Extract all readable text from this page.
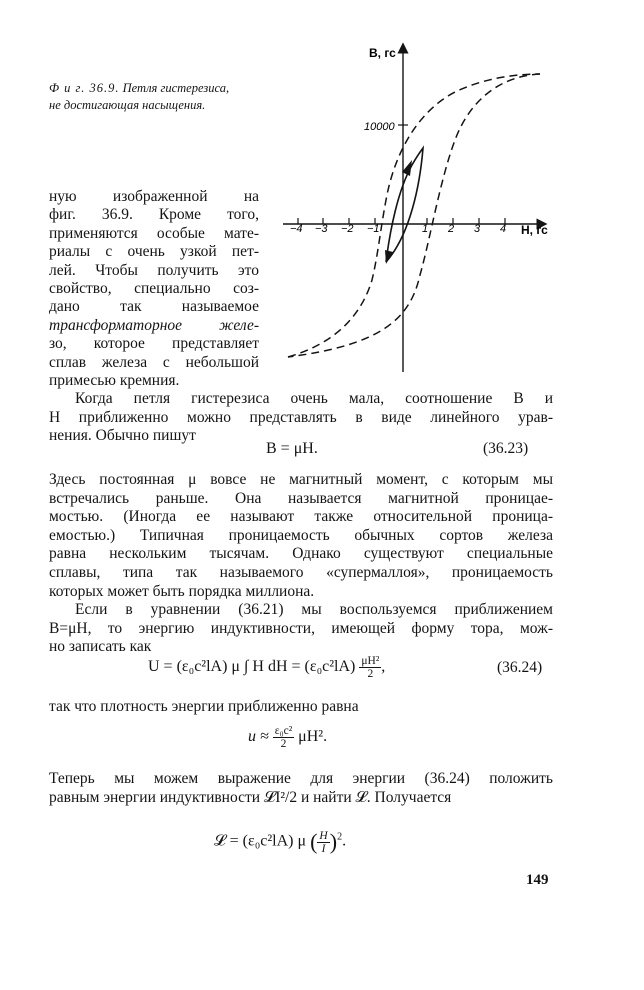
Ф и г. 36.9. Петля гистерезиса,
не достигающая насыщения.
B, гс
H, гс
10000
−4 −3 −2 −1	1 2 3 4
ную изображенной на
фиг. 36.9. Кроме того,
применяются особые мате-
риалы с очень узкой пет-
лей. Чтобы получить это
свойство, специально соз-
дано так называемое
трансформаторное желе-
зо, которое представляет
сплав железа с небольшой
примесью кремния.
Когда петля гистерезиса очень мала, соотношение B и
H приближенно можно представлять в виде линейного урав-
нения. Обычно пишут
B = μH.	(36.23)
Здесь постоянная μ вовсе не магнитный момент, с которым мы
встречались раньше. Она называется магнитной проницае-
мостью. (Иногда ее называют также относительной проница-
емостью.) Типичная проницаемость обычных сортов железа
равна нескольким тысячам. Однако существуют специальные
сплавы, типа так называемого «супермаллоя», проницаемость
которых может быть порядка миллиона.
Если в уравнении (36.21) мы воспользуемся приближением
B=μH, то энергию индуктивности, имеющей форму тора, мож-
но записать как
U = (ε₀c²lA) μ ∫ H dH = $(\varepsilon_0c^2lA) \frac{\text{μH²}}{2}$ ,	(36.24)
так что плотность энергии приближенно равна
$u \approx \frac{\text{ε₀c²}}{2} \mu H^2$.
Теперь мы можем выражение для энергии (36.24) положить
равным энергии индуктивности 𝓛I²/2 и найти 𝓛. Получается
𝓛 = (ε₀c²lA) μ ( $\frac{H}{I} )^2$.
149
